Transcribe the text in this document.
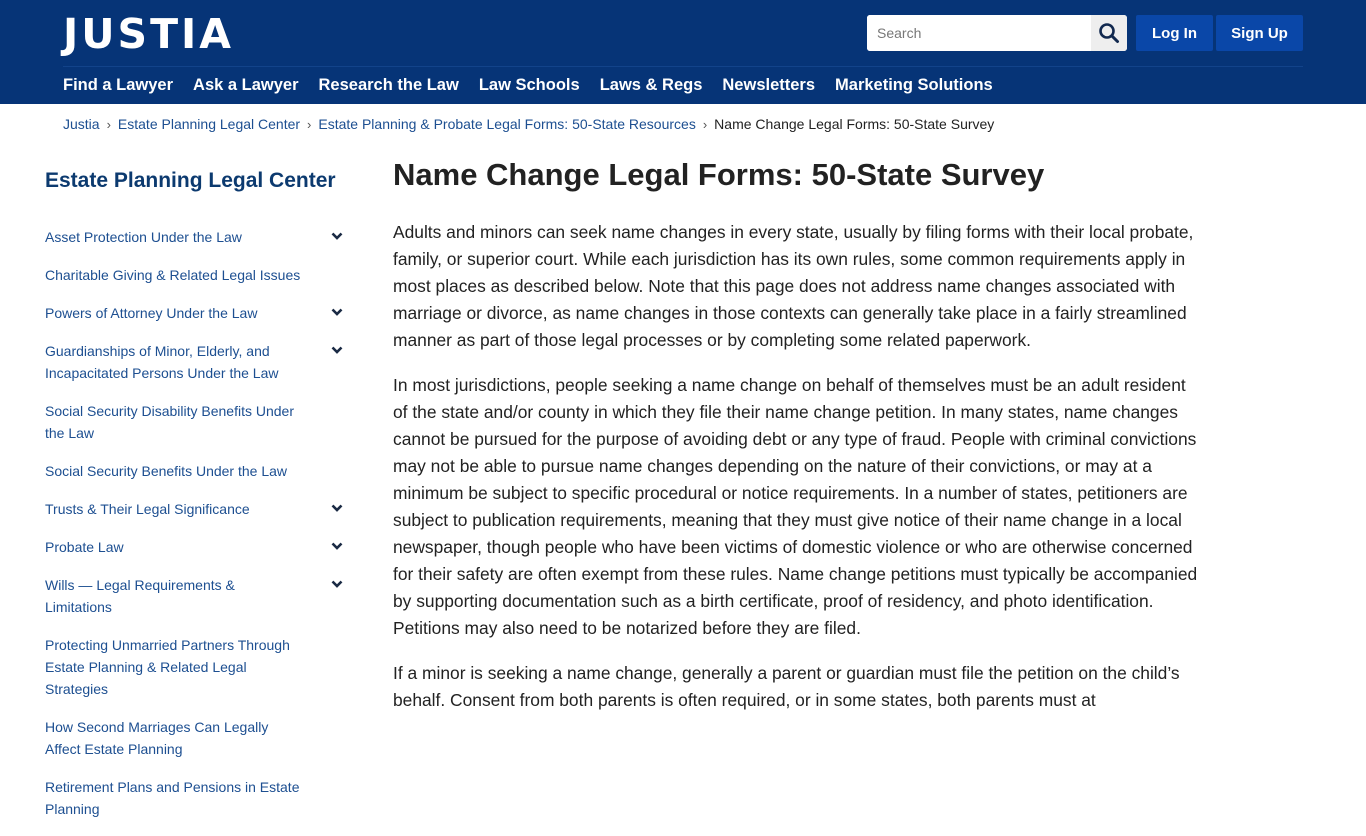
JUSTIA
Search	Log In	Sign Up
Find a Lawyer Ask a Lawyer Research the Law Law Schools Laws & Regs Newsletters Marketing Solutions
Justia › Estate Planning Legal Center › Estate Planning & Probate Legal Forms: 50-State Resources › Name Change Legal Forms: 50-State Survey
Estate Planning Legal Center
Asset Protection Under the Law
Charitable Giving & Related Legal Issues
Powers of Attorney Under the Law
Guardianships of Minor, Elderly, and Incapacitated Persons Under the Law
Social Security Disability Benefits Under the Law
Social Security Benefits Under the Law
Trusts & Their Legal Significance
Probate Law
Wills — Legal Requirements & Limitations
Protecting Unmarried Partners Through Estate Planning & Related Legal Strategies
How Second Marriages Can Legally Affect Estate Planning
Retirement Plans and Pensions in Estate Planning
Name Change Legal Forms: 50-State Survey

Adults and minors can seek name changes in every state, usually by filing forms with their local probate, family, or superior court. While each jurisdiction has its own rules, some common requirements apply in most places as described below. Note that this page does not address name changes associated with marriage or divorce, as name changes in those contexts can generally take place in a fairly streamlined manner as part of those legal processes or by completing some related paperwork.

In most jurisdictions, people seeking a name change on behalf of themselves must be an adult resident of the state and/or county in which they file their name change petition. In many states, name changes cannot be pursued for the purpose of avoiding debt or any type of fraud. People with criminal convictions may not be able to pursue name changes depending on the nature of their convictions, or may at a minimum be subject to specific procedural or notice requirements. In a number of states, petitioners are subject to publication requirements, meaning that they must give notice of their name change in a local newspaper, though people who have been victims of domestic violence or who are otherwise concerned for their safety are often exempt from these rules. Name change petitions must typically be accompanied by supporting documentation such as a birth certificate, proof of residency, and photo identification. Petitions may also need to be notarized before they are filed.

If a minor is seeking a name change, generally a parent or guardian must file the petition on the child’s behalf. Consent from both parents is often required, or in some states, both parents must at
